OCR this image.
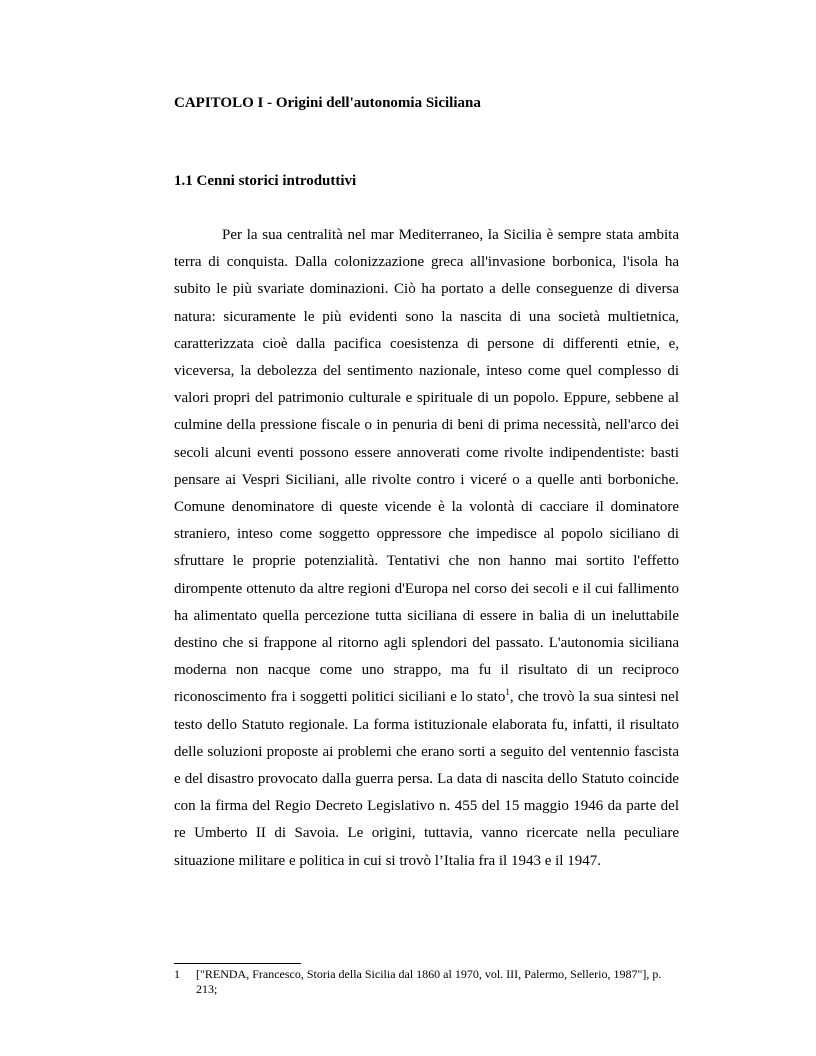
CAPITOLO I - Origini dell'autonomia Siciliana
1.1 Cenni storici introduttivi

Per la sua centralità nel mar Mediterraneo, la Sicilia è sempre stata ambita terra di conquista. Dalla colonizzazione greca all'invasione borbonica, l'isola ha subito le più svariate dominazioni. Ciò ha portato a delle conseguenze di diversa natura: sicuramente le più evidenti sono la nascita di una società multietnica, caratterizzata cioè dalla pacifica coesistenza di persone di differenti etnie, e, viceversa, la debolezza del sentimento nazionale, inteso come quel complesso di valori propri del patrimonio culturale e spirituale di un popolo. Eppure, sebbene al culmine della pressione fiscale o in penuria di beni di prima necessità, nell'arco dei secoli alcuni eventi possono essere annoverati come rivolte indipendentiste: basti pensare ai Vespri Siciliani, alle rivolte contro i viceré o a quelle anti borboniche. Comune denominatore di queste vicende è la volontà di cacciare il dominatore straniero, inteso come soggetto oppressore che impedisce al popolo siciliano di sfruttare le proprie potenzialità. Tentativi che non hanno mai sortito l'effetto dirompente ottenuto da altre regioni d'Europa nel corso dei secoli e il cui fallimento ha alimentato quella percezione tutta siciliana di essere in balia di un ineluttabile destino che si frappone al ritorno agli splendori del passato. L'autonomia siciliana moderna non nacque come uno strappo, ma fu il risultato di un reciproco riconoscimento fra i soggetti politici siciliani e lo stato$^1$, che trovò la sua sintesi nel testo dello Statuto regionale. La forma istituzionale elaborata fu, infatti, il risultato delle soluzioni proposte ai problemi che erano sorti a seguito del ventennio fascista e del disastro provocato dalla guerra persa. La data di nascita dello Statuto coincide con la firma del Regio Decreto Legislativo n. 455 del 15 maggio 1946 da parte del re Umberto II di Savoia. Le origini, tuttavia, vanno ricercate nella peculiare situazione militare e politica in cui si trovò l’Italia fra il 1943 e il 1947.

1 ["RENDA, Francesco, Storia della Sicilia dal 1860 al 1970, vol. III, Palermo, Sellerio, 1987"], p. 213;
